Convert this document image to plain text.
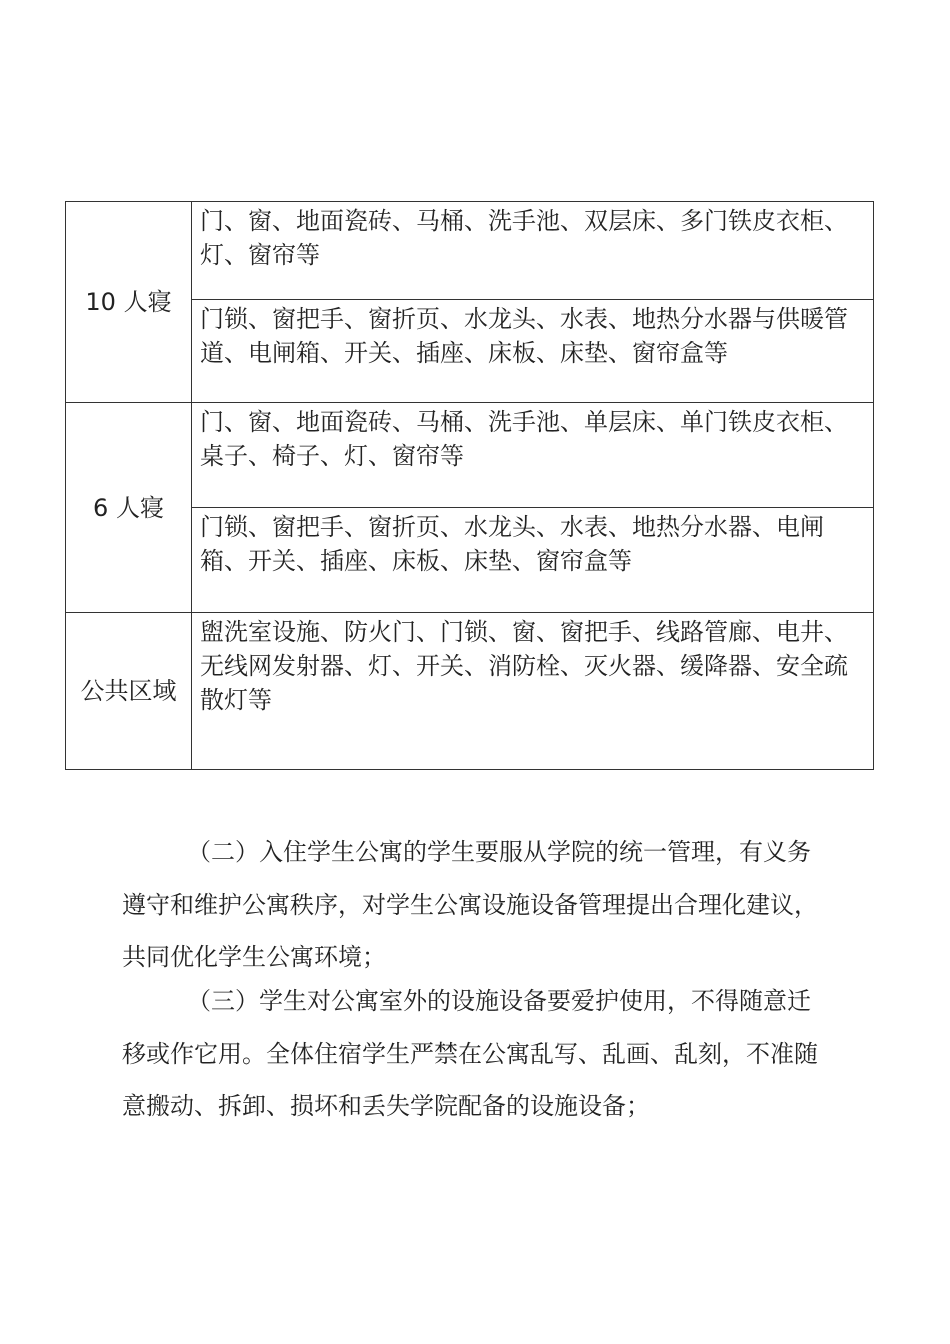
10 人寝	门、窗、地面瓷砖、马桶、洗手池、双层床、多门铁皮衣柜、灯、窗帘等
	门锁、窗把手、窗折页、水龙头、水表、地热分水器与供暖管道、电闸箱、开关、插座、床板、床垫、窗帘盒等
6 人寝	门、窗、地面瓷砖、马桶、洗手池、单层床、单门铁皮衣柜、桌子、椅子、灯、窗帘等
	门锁、窗把手、窗折页、水龙头、水表、地热分水器、电闸箱、开关、插座、床板、床垫、窗帘盒等
公共区域	盥洗室设施、防火门、门锁、窗、窗把手、线路管廊、电井、无线网发射器、灯、开关、消防栓、灭火器、缓降器、安全疏散灯等

（二）入住学生公寓的学生要服从学院的统一管理，有义务遵守和维护公寓秩序，对学生公寓设施设备管理提出合理化建议，共同优化学生公寓环境；

（三）学生对公寓室外的设施设备要爱护使用，不得随意迁移或作它用。全体住宿学生严禁在公寓乱写、乱画、乱刻，不准随意搬动、拆卸、损坏和丢失学院配备的设施设备；
